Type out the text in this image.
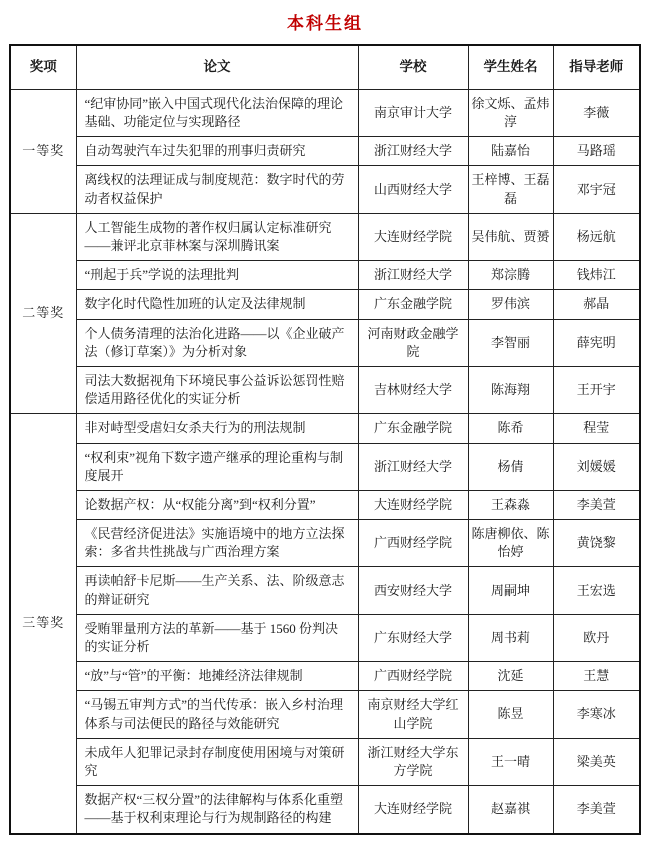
本科生组
奖项	论文	学校	学生姓名	指导老师
一等奖	“纪审协同”嵌入中国式现代化法治保障的理论基础、功能定位与实现路径	南京审计大学	徐文烁、孟炜淳	李薇
	自动驾驶汽车过失犯罪的刑事归责研究	浙江财经大学	陆嘉怡	马路瑶
	离线权的法理证成与制度规范：数字时代的劳动者权益保护	山西财经大学	王梓博、王磊磊	邓宇冠
二等奖	人工智能生成物的著作权归属认定标准研究——兼评北京菲林案与深圳腾讯案	大连财经学院	吴伟航、贾赟	杨远航
	“刑起于兵”学说的法理批判	浙江财经大学	郑淙腾	钱炜江
	数字化时代隐性加班的认定及法律规制	广东金融学院	罗伟滨	郝晶
	个人债务清理的法治化进路——以《企业破产法（修订草案）》为分析对象	河南财政金融学院	李智丽	薛宪明
	司法大数据视角下环境民事公益诉讼惩罚性赔偿适用路径优化的实证分析	吉林财经大学	陈海翔	王开宇
三等奖	非对峙型受虐妇女杀夫行为的刑法规制	广东金融学院	陈希	程莹
	“权利束”视角下数字遗产继承的理论重构与制度展开	浙江财经大学	杨倩	刘媛媛
	论数据产权：从“权能分离”到“权利分置”	大连财经学院	王森淼	李美萱
	《民营经济促进法》实施语境中的地方立法探索：多省共性挑战与广西治理方案	广西财经学院	陈唐柳依、陈怡婷	黄饶黎
	再读帕舒卡尼斯——生产关系、法、阶级意志的辩证研究	西安财经大学	周嗣坤	王宏选
	受贿罪量刑方法的革新——基于 1560 份判决的实证分析	广东财经大学	周书莉	欧丹
	“放”与“管”的平衡：地摊经济法律规制	广西财经学院	沈延	王慧
	“马锡五审判方式”的当代传承：嵌入乡村治理体系与司法便民的路径与效能研究	南京财经大学红山学院	陈昱	李寒冰
	未成年人犯罪记录封存制度使用困境与对策研究	浙江财经大学东方学院	王一晴	梁美英
	数据产权“三权分置”的法律解构与体系化重塑——基于权利束理论与行为规制路径的构建	大连财经学院	赵嘉祺	李美萱
